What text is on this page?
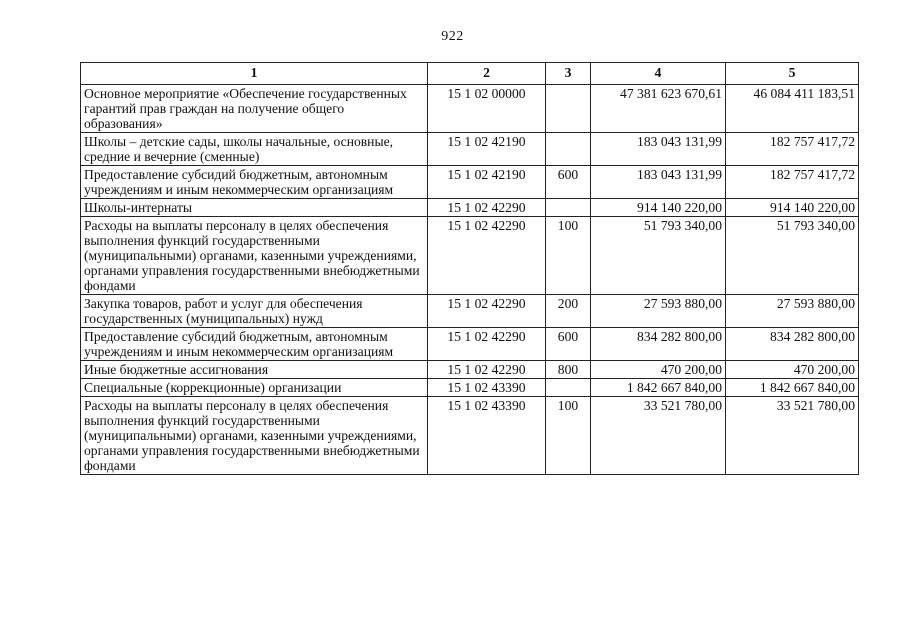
922
1	2	3	4	5
Основное мероприятие «Обеспечение государственных гарантий прав граждан на получение общего образования»	15 1 02 00000		47 381 623 670,61	46 084 411 183,51
Школы – детские сады, школы начальные, основные, средние и вечерние (сменные)	15 1 02 42190		183 043 131,99	182 757 417,72
Предоставление субсидий бюджетным, автономным учреждениям и иным некоммерческим организациям	15 1 02 42190	600	183 043 131,99	182 757 417,72
Школы-интернаты	15 1 02 42290		914 140 220,00	914 140 220,00
Расходы на выплаты персоналу в целях обеспечения выполнения функций государственными (муниципальными) органами, казенными учреждениями, органами управления государственными внебюджетными фондами	15 1 02 42290	100	51 793 340,00	51 793 340,00
Закупка товаров, работ и услуг для обеспечения государственных (муниципальных) нужд	15 1 02 42290	200	27 593 880,00	27 593 880,00
Предоставление субсидий бюджетным, автономным учреждениям и иным некоммерческим организациям	15 1 02 42290	600	834 282 800,00	834 282 800,00
Иные бюджетные ассигнования	15 1 02 42290	800	470 200,00	470 200,00
Специальные (коррекционные) организации	15 1 02 43390		1 842 667 840,00	1 842 667 840,00
Расходы на выплаты персоналу в целях обеспечения выполнения функций государственными (муниципальными) органами, казенными учреждениями, органами управления государственными внебюджетными фондами	15 1 02 43390	100	33 521 780,00	33 521 780,00
